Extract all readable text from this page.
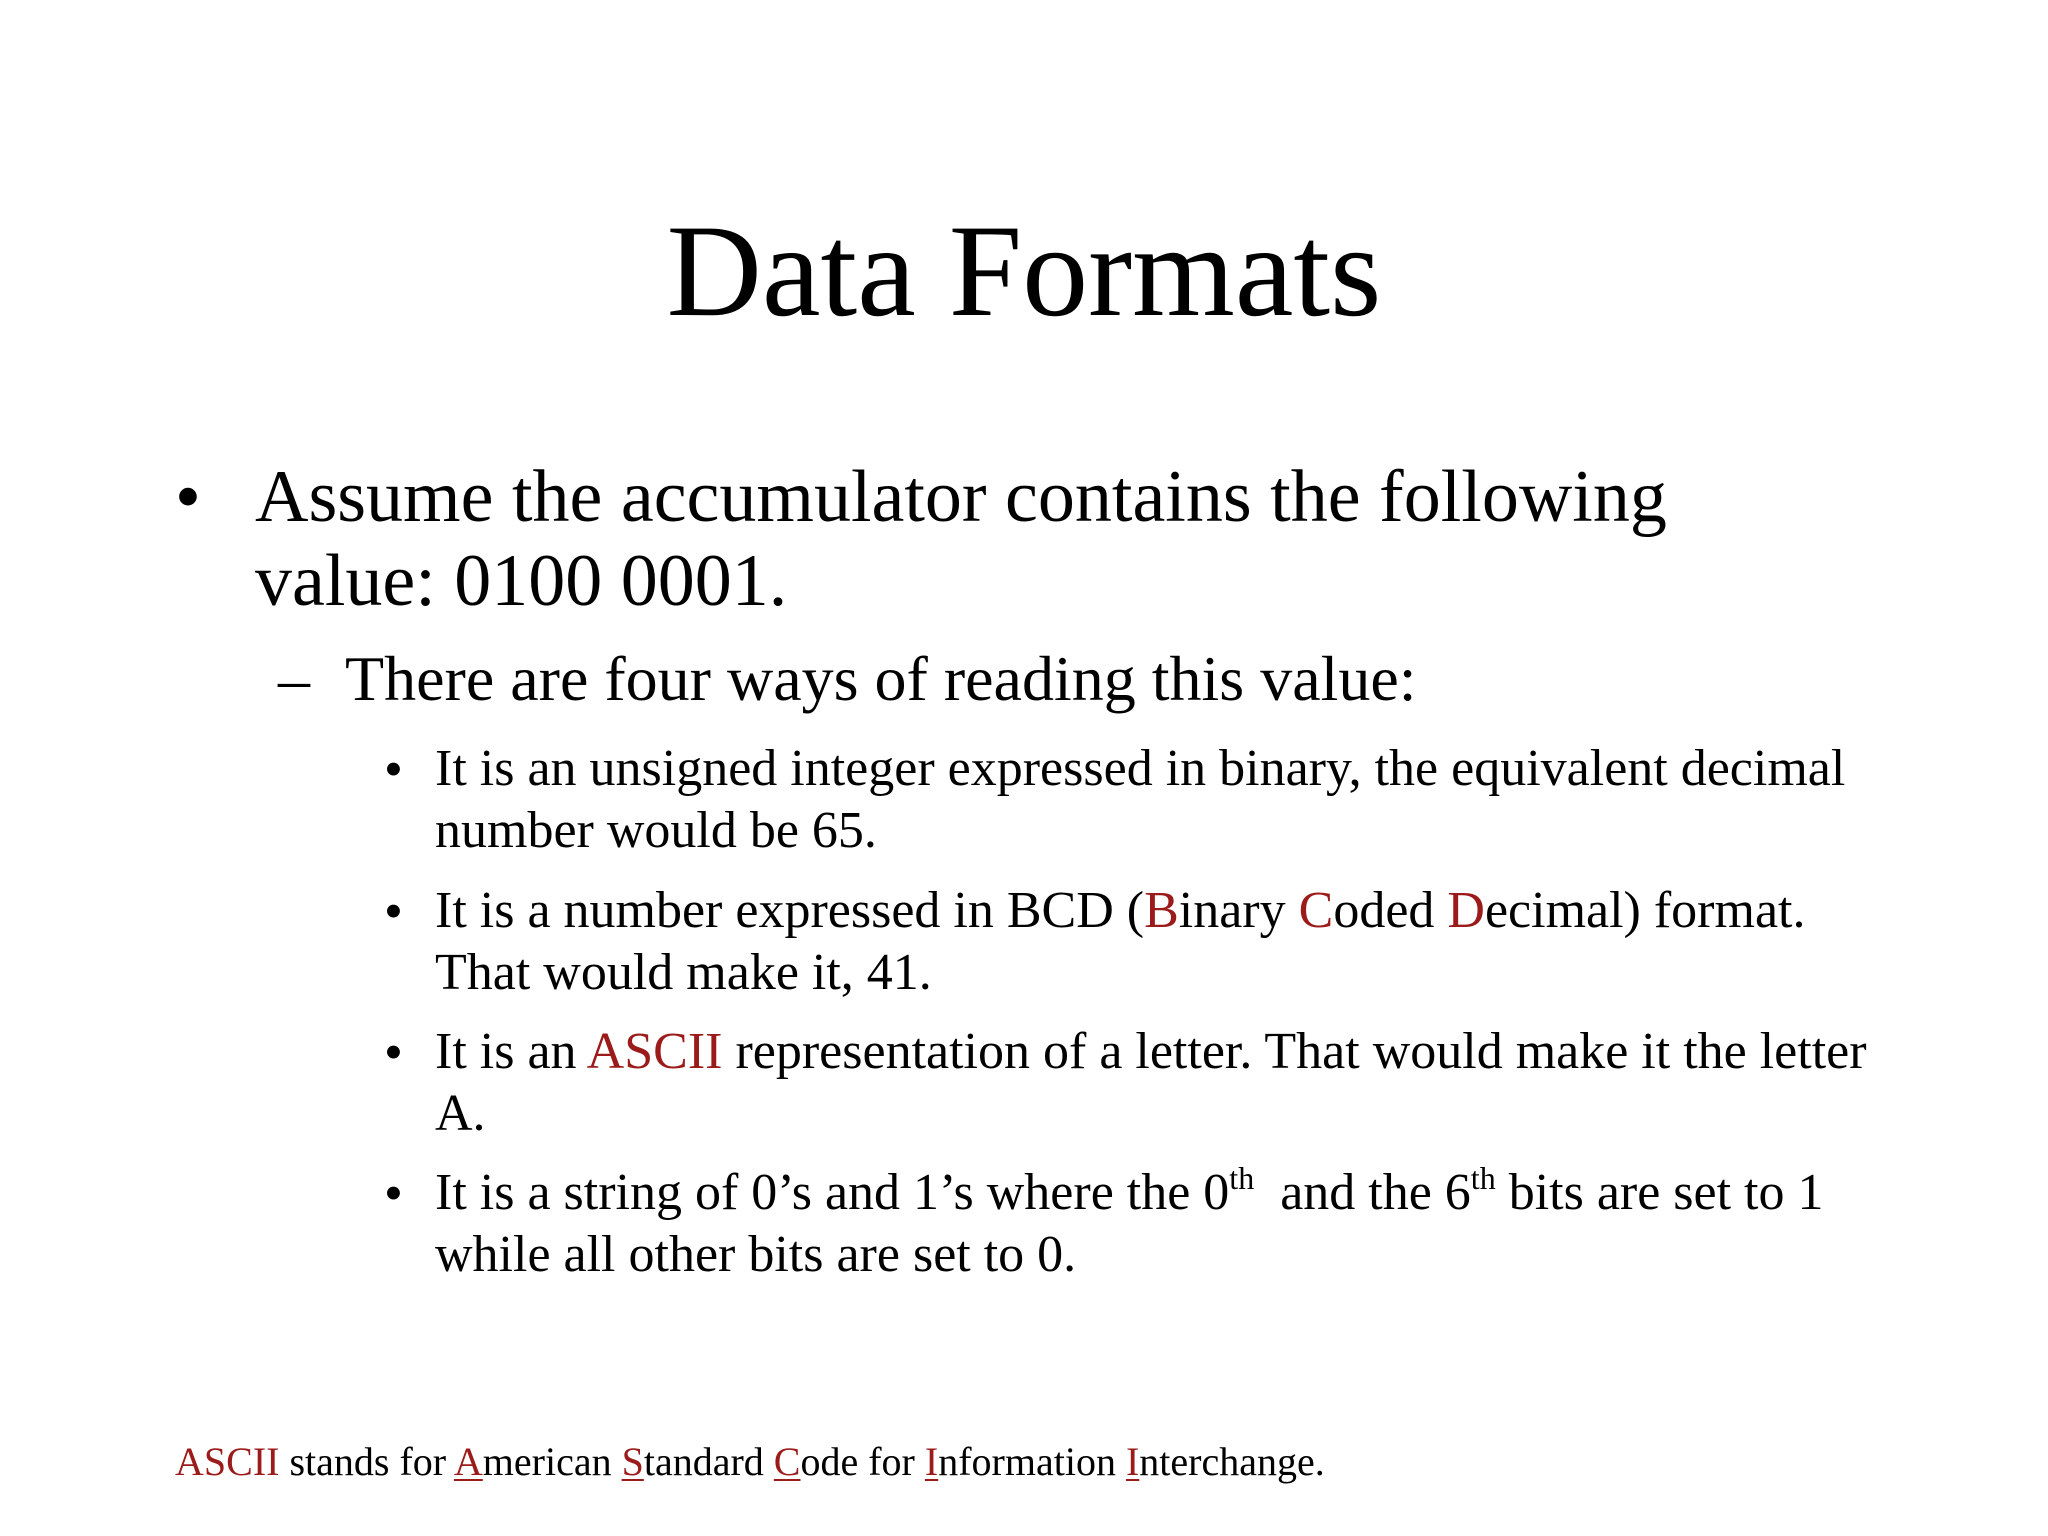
Data Formats
• Assume the accumulator contains the following value: 0100 0001.
– There are four ways of reading this value:
• It is an unsigned integer expressed in binary, the equivalent decimal number would be 65.
• It is a number expressed in BCD (Binary Coded Decimal) format. That would make it, 41.
• It is an ASCII representation of a letter. That would make it the letter A.
• It is a string of 0’s and 1’s where the 0th  and the 6th bits are set to 1 while all other bits are set to 0.
ASCII stands for American Standard Code for Information Interchange.
